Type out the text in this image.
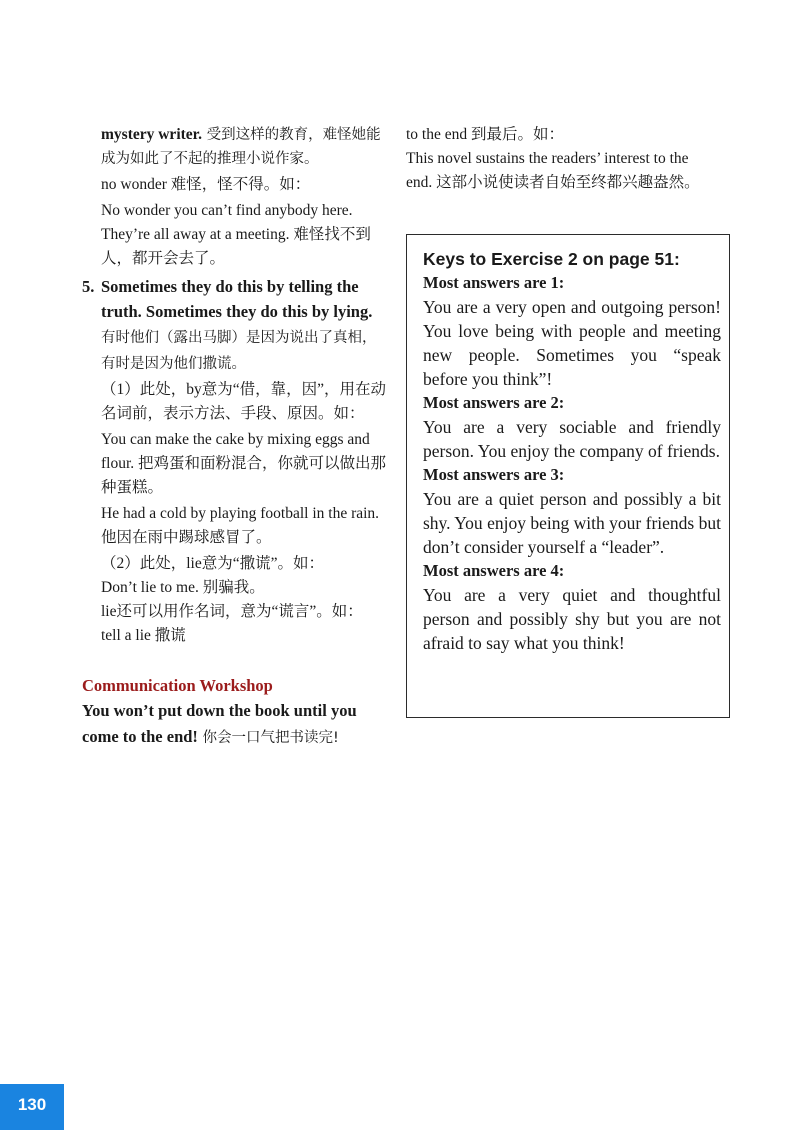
mystery writer. 受到这样的教育，难怪她能成为如此了不起的推理小说作家。

no wonder 难怪，怪不得。如：

No wonder you can’t find anybody here. They’re all away at a meeting. 难怪找不到人，都开会去了。

5. Sometimes they do this by telling the truth. Sometimes they do this by lying. 有时他们（露出马脚）是因为说出了真相，有时是因为他们撒谎。

（1）此处，by意为“借，靠，因”，用在动名词前，表示方法、手段、原因。如：

You can make the cake by mixing eggs and flour. 把鸡蛋和面粉混合，你就可以做出那种蛋糕。

He had a cold by playing football in the rain. 他因在雨中踢球感冒了。

（2）此处，lie意为“撒谎”。如：

Don’t lie to me. 别骗我。

lie还可以用作名词，意为“谎言”。如：

tell a lie 撒谎

Communication Workshop

You won’t put down the book until you come to the end! 你会一口气把书读完!

to the end 到最后。如：

This novel sustains the readers’ interest to the end. 这部小说使读者自始至终都兴趣盎然。

Keys to Exercise 2 on page 51:

Most answers are 1:

You are a very open and outgoing person! You love being with people and meeting new people. Sometimes you “speak before you think”!

Most answers are 2:

You are a very sociable and friendly person. You enjoy the company of friends.

Most answers are 3:

You are a quiet person and possibly a bit shy. You enjoy being with your friends but don’t consider yourself a “leader”.

Most answers are 4:

You are a very quiet and thoughtful person and possibly shy but you are not afraid to say what you think!

130
